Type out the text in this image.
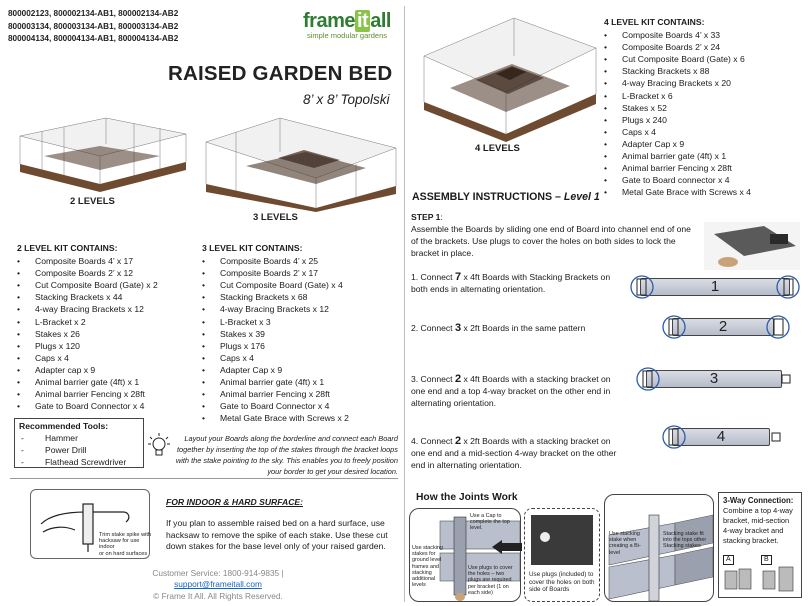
800002123, 800002134-AB1, 800002134-AB2
800003134, 800003134-AB1, 800003134-AB2
800004134, 800004134-AB1, 800004134-AB2
frame it all
simple modular gardens
RAISED GARDEN BED
8’ x 8’ Topolski
2 LEVELS
3 LEVELS
4 LEVELS
2 LEVEL KIT CONTAINS:
• Composite Boards 4’ x 17
• Composite Boards 2’ x 12
• Cut Composite Board (Gate) x 2
• Stacking Brackets x 44
• 4-way Bracing Brackets x 12
• L-Bracket x 2
• Stakes x 26
• Plugs x 120
• Caps x 4
• Adapter cap x 9
• Animal barrier gate (4ft) x 1
• Animal barrier Fencing x 28ft
• Gate to Board Connector x 4
3 LEVEL KIT CONTAINS:
• Composite Boards 4’ x 25
• Composite Boards 2’ x 17
• Cut Composite Board (Gate) x 4
• Stacking Brackets x 68
• 4-way Bracing Brackets x 12
• L-Bracket x 3
• Stakes x 39
• Plugs x 176
• Caps x 4
• Adapter Cap x 9
• Animal barrier gate (4ft) x 1
• Animal barrier Fencing x 28ft
• Gate to Board Connector x 4
• Metal Gate Brace with Screws x 2
4 LEVEL KIT CONTAINS:
• Composite Boards 4’ x 33
• Composite Boards 2’ x 24
• Cut Composite Board (Gate) x 6
• Stacking Brackets x 88
• 4-way Bracing Brackets x 20
• L-Bracket x 6
• Stakes x 52
• Plugs x 240
• Caps x 4
• Adapter Cap x 9
• Animal barrier gate (4ft) x 1
• Animal barrier Fencing x 28ft
• Gate to Board connector x 4
• Metal Gate Brace with Screws x 4
Recommended Tools:
- Hammer
- Power Drill
- Flathead Screwdriver
Layout your Boards along the borderline and connect each Board together by inserting the top of the stakes through the bracket loops with the stake pointing to the sky. This enables you to freely position your border to get your desired location.
Trim stake spike with
hacksaw for use indoor
or on hard surfaces
FOR INDOOR & HARD SURFACE:
If you plan to assemble raised bed on a hard surface, use hacksaw to remove the spike of each stake. Use these cut down stakes for the base level only of your raised garden.
Customer Service: 1800-914-9835 |
support@frameitall.com
© Frame It All. All Rights Reserved.
ASSEMBLY INSTRUCTIONS – Level 1
STEP 1:
Assemble the Boards by sliding one end of Board into channel end of one of the brackets. Use plugs to cover the holes on both sides to lock the bracket in place.
1. Connect 7 x 4ft Boards with Stacking Brackets on both ends in alternating orientation.
2. Connect 3 x 2ft Boards in the same pattern
3. Connect 2 x 4ft Boards with a stacking bracket on one end and a top 4-way bracket on the other end in alternating orientation.
4. Connect 2 x 2ft Boards with a stacking bracket on one end and a mid-section 4-way bracket on the other end in alternating orientation.
1
2
3
4
How the Joints Work
Use a Cap to complete the top level.
Use stacking stakes for ground level frames and stacking additional levels
Use plugs to cover the holes – two plugs are required per bracket (1 on each side)
Use plugs (included) to cover the holes on both side of Boards
Use stacking stake when creating a Bi-level
Stacking stake fit into the tops other Stacking stakes
3-Way Connection:
Combine a top 4-way bracket, mid-section 4-way bracket and stacking bracket.
A	B
